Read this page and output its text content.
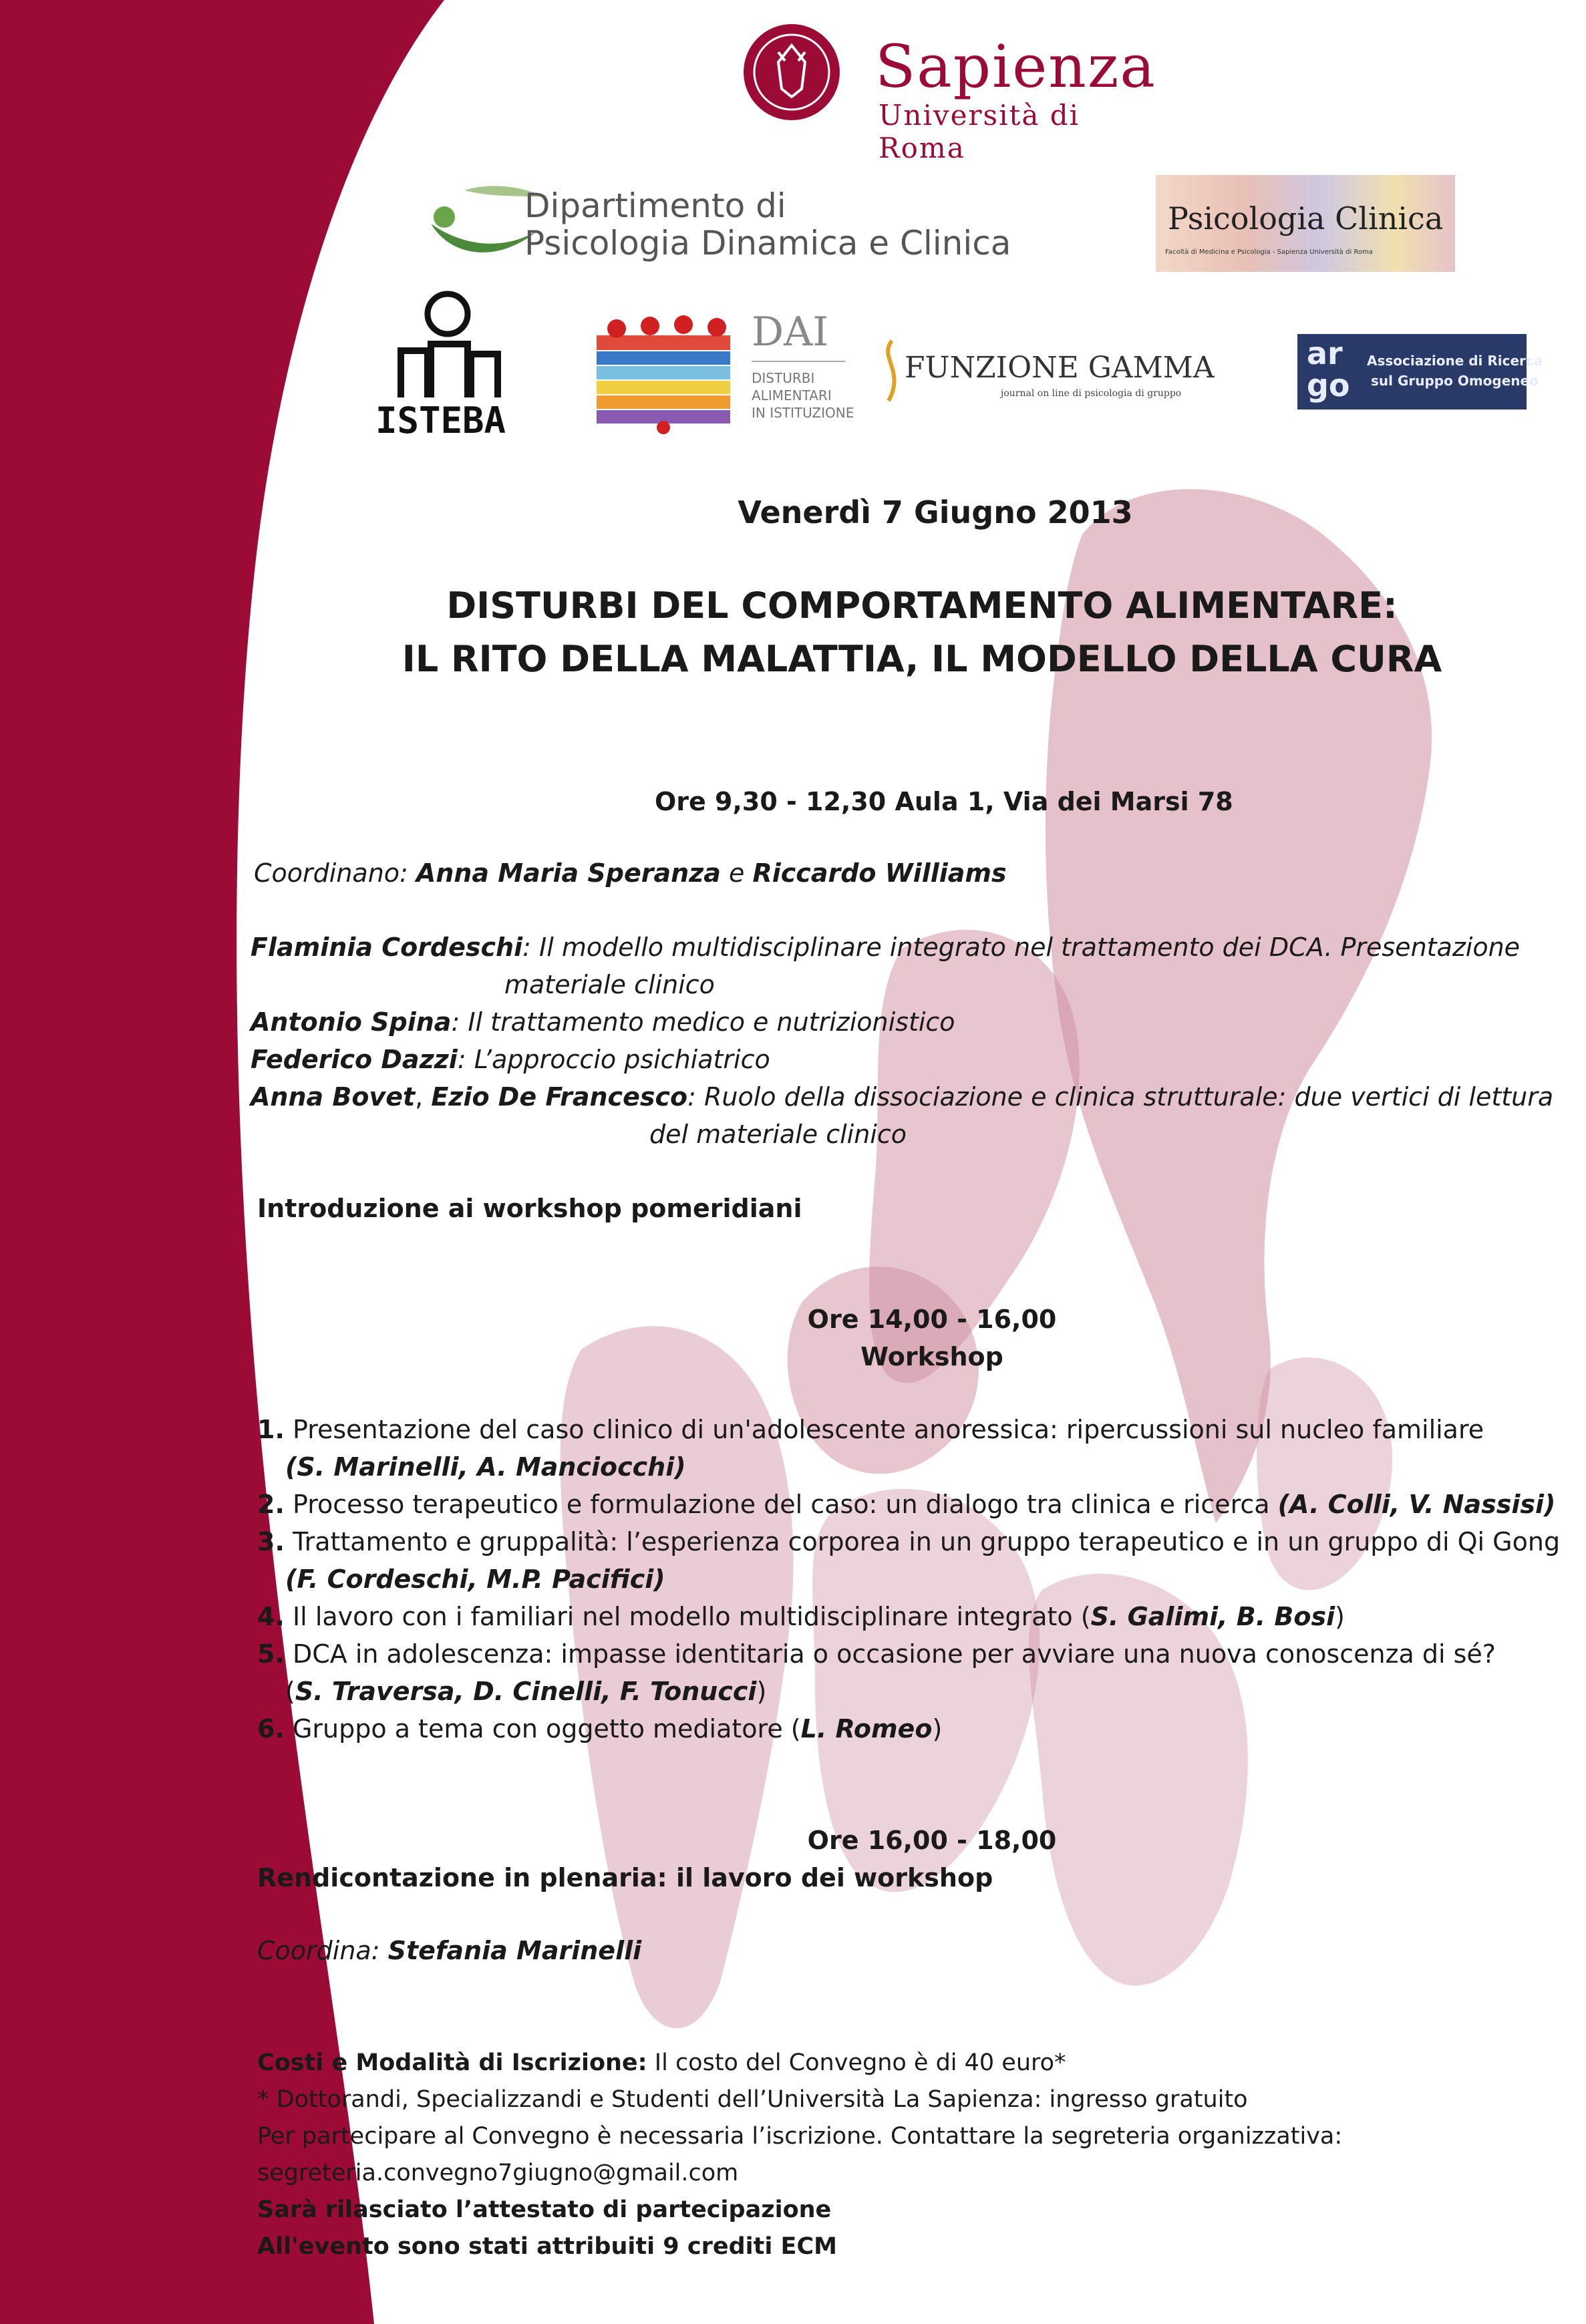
Sapienza
Università di Roma
Dipartimento di
Psicologia Dinamica e Clinica
Psicologia Clinica
Facoltà di Medicina e Psicologia - Sapienza Università di Roma
ISTEBA
DAI
DISTURBI
ALIMENTARI
IN ISTITUZIONE
FUNZIONE GAMMA
journal on line di psicologia di gruppo
ar
go
Associazione di Ricerca
sul Gruppo Omogeneo
Venerdì 7 Giugno 2013
DISTURBI DEL COMPORTAMENTO ALIMENTARE:
IL RITO DELLA MALATTIA, IL MODELLO DELLA CURA
Ore 9,30 - 12,30 Aula 1, Via dei Marsi 78
Coordinano: Anna Maria Speranza e Riccardo Williams
Flaminia Cordeschi: Il modello multidisciplinare integrato nel trattamento dei DCA. Presentazione
materiale clinico
Antonio Spina: Il trattamento medico e nutrizionistico
Federico Dazzi: L’approccio psichiatrico
Anna Bovet, Ezio De Francesco: Ruolo della dissociazione e clinica strutturale: due vertici di lettura
del materiale clinico
Introduzione ai workshop pomeridiani
Ore 14,00 - 16,00
Workshop
1. Presentazione del caso clinico di un'adolescente anoressica: ripercussioni sul nucleo familiare
(S. Marinelli, A. Manciocchi)
2. Processo terapeutico e formulazione del caso: un dialogo tra clinica e ricerca (A. Colli, V. Nassisi)
3. Trattamento e gruppalità: l’esperienza corporea in un gruppo terapeutico e in un gruppo di Qi Gong
(F. Cordeschi, M.P. Pacifici)
4. Il lavoro con i familiari nel modello multidisciplinare integrato (S. Galimi, B. Bosi)
5. DCA in adolescenza: impasse identitaria o occasione per avviare una nuova conoscenza di sé?
(S. Traversa, D. Cinelli, F. Tonucci)
6. Gruppo a tema con oggetto mediatore (L. Romeo)
Ore 16,00 - 18,00
Rendicontazione in plenaria: il lavoro dei workshop
Coordina: Stefania Marinelli
Costi e Modalità di Iscrizione: Il costo del Convegno è di 40 euro*
* Dottorandi, Specializzandi e Studenti dell’Università La Sapienza: ingresso gratuito
Per partecipare al Convegno è necessaria l’iscrizione. Contattare la segreteria organizzativa:
segreteria.convegno7giugno@gmail.com
Sarà rilasciato l’attestato di partecipazione
All'evento sono stati attribuiti 9 crediti ECM
